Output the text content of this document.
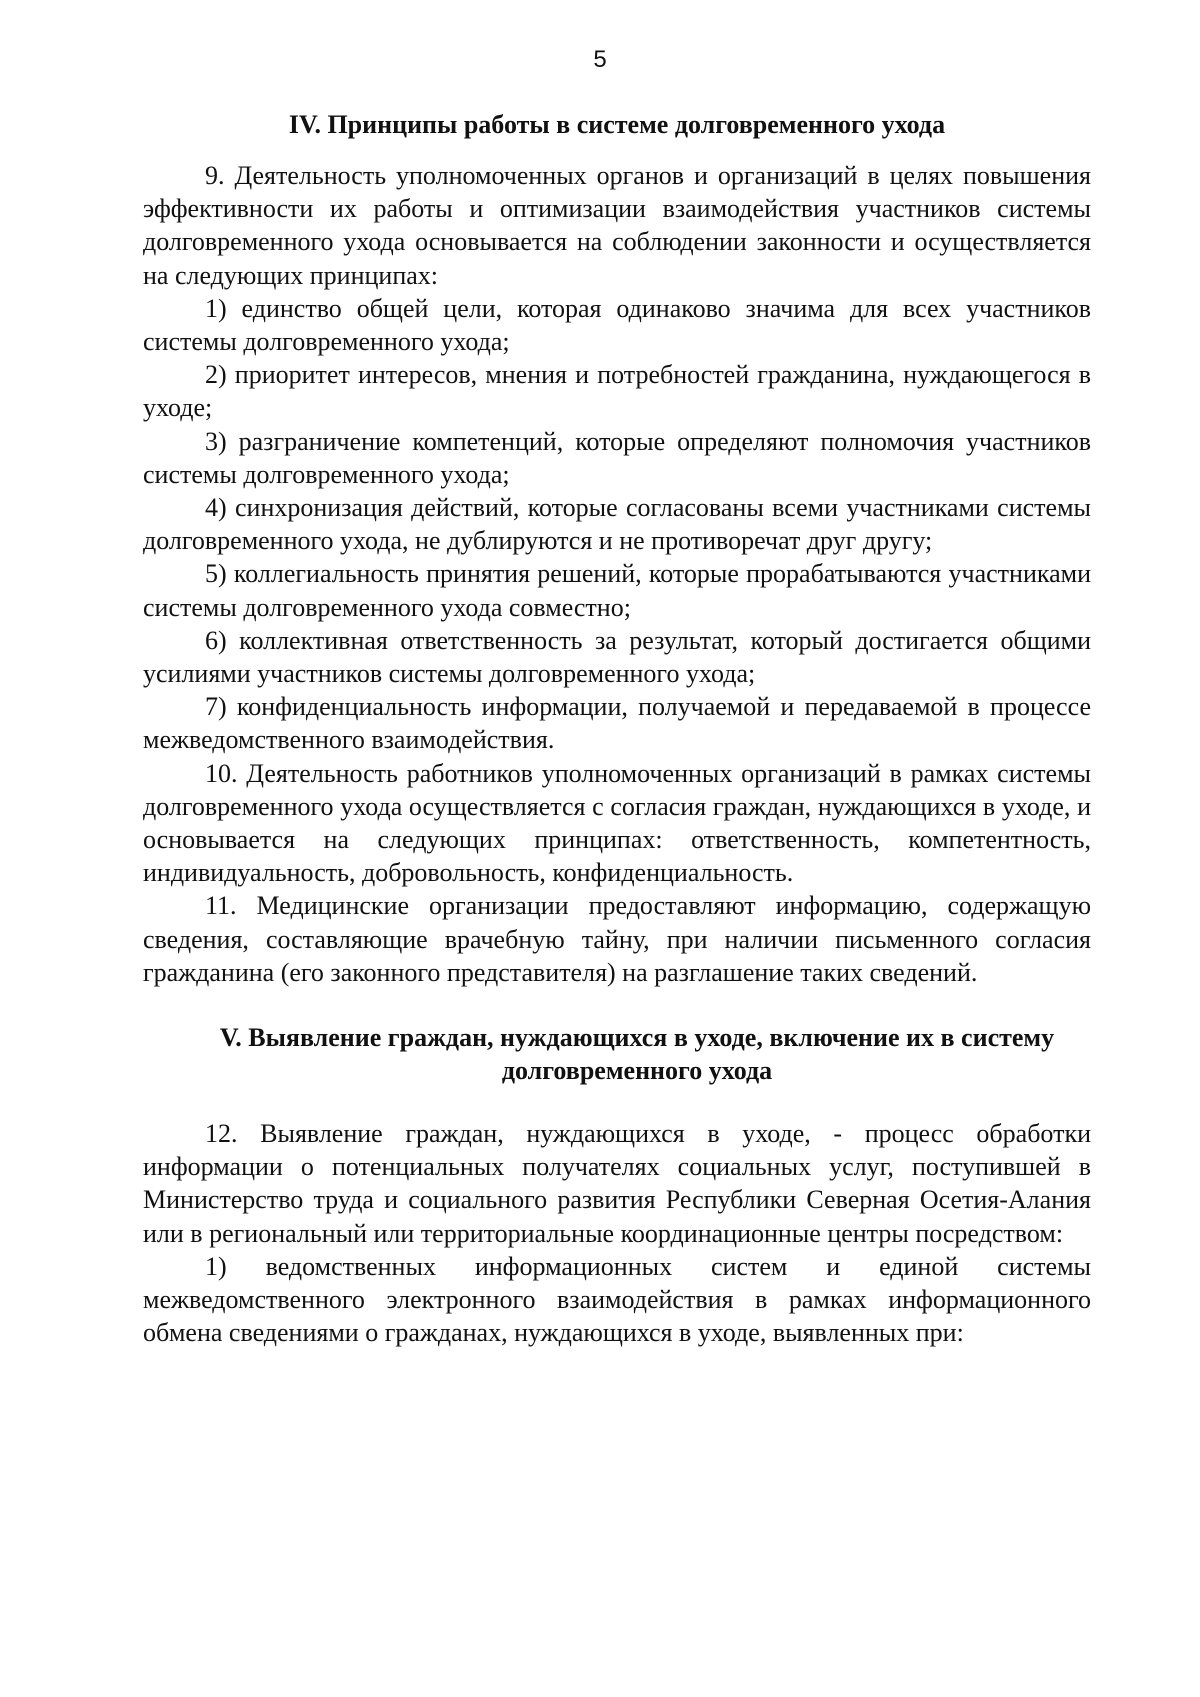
5
IV. Принципы работы в системе долговременного ухода

9. Деятельность уполномоченных органов и организаций в целях повышения эффективности их работы и оптимизации взаимодействия участников системы долговременного ухода основывается на соблюдении законности и осуществляется на следующих принципах:

1) единство общей цели, которая одинаково значима для всех участников системы долговременного ухода;

2) приоритет интересов, мнения и потребностей гражданина, нуждающегося в уходе;

3) разграничение компетенций, которые определяют полномочия участников системы долговременного ухода;

4) синхронизация действий, которые согласованы всеми участниками системы долговременного ухода, не дублируются и не противоречат друг другу;

5) коллегиальность принятия решений, которые прорабатываются участниками системы долговременного ухода совместно;

6) коллективная ответственность за результат, который достигается общими усилиями участников системы долговременного ухода;

7) конфиденциальность информации, получаемой и передаваемой в процессе межведомственного взаимодействия.

10. Деятельность работников уполномоченных организаций в рамках системы долговременного ухода осуществляется с согласия граждан, нуждающихся в уходе, и основывается на следующих принципах: ответственность, компетентность, индивидуальность, добровольность, конфиденциальность.

11. Медицинские организации предоставляют информацию, содержащую сведения, составляющие врачебную тайну, при наличии письменного согласия гражданина (его законного представителя) на разглашение таких сведений.

V. Выявление граждан, нуждающихся в уходе, включение их в систему долговременного ухода

12. Выявление граждан, нуждающихся в уходе, - процесс обработки информации о потенциальных получателях социальных услуг, поступившей в Министерство труда и социального развития Республики Северная Осетия-Алания или в региональный или территориальные координационные центры посредством:

1) ведомственных информационных систем и единой системы межведомственного электронного взаимодействия в рамках информационного обмена сведениями о гражданах, нуждающихся в уходе, выявленных при:
